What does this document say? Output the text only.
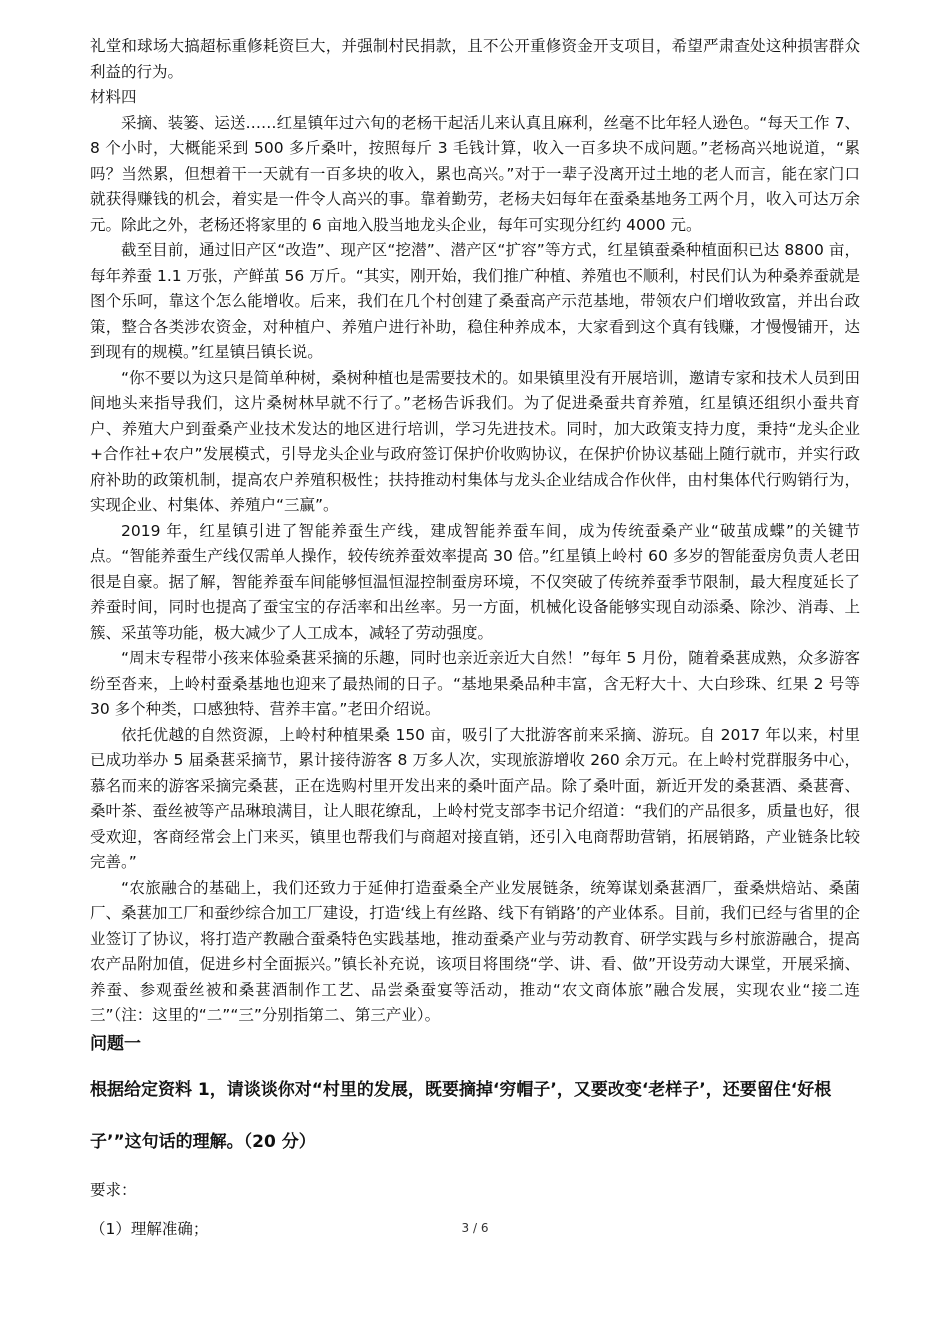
礼堂和球场大搞超标重修耗资巨大，并强制村民捐款，且不公开重修资金开支项目，希望严肃查处这种损害群众利益的行为。

材料四

采摘、装篓、运送……红星镇年过六旬的老杨干起活儿来认真且麻利，丝毫不比年轻人逊色。“每天工作 7、8 个小时，大概能采到 500 多斤桑叶，按照每斤 3 毛钱计算，收入一百多块不成问题。”老杨高兴地说道，“累吗？当然累，但想着干一天就有一百多块的收入，累也高兴。”对于一辈子没离开过土地的老人而言，能在家门口就获得赚钱的机会，着实是一件令人高兴的事。靠着勤劳，老杨夫妇每年在蚕桑基地务工两个月，收入可达万余元。除此之外，老杨还将家里的 6 亩地入股当地龙头企业，每年可实现分红约 4000 元。

截至目前，通过旧产区“改造”、现产区“挖潜”、潜产区“扩容”等方式，红星镇蚕桑种植面积已达 8800 亩，每年养蚕 1.1 万张，产鲜茧 56 万斤。“其实，刚开始，我们推广种植、养殖也不顺利，村民们认为种桑养蚕就是图个乐呵，靠这个怎么能增收。后来，我们在几个村创建了桑蚕高产示范基地，带领农户们增收致富，并出台政策，整合各类涉农资金，对种植户、养殖户进行补助，稳住种养成本，大家看到这个真有钱赚，才慢慢铺开，达到现有的规模。”红星镇吕镇长说。

“你不要以为这只是简单种树，桑树种植也是需要技术的。如果镇里没有开展培训，邀请专家和技术人员到田间地头来指导我们，这片桑树林早就不行了。”老杨告诉我们。为了促进桑蚕共育养殖，红星镇还组织小蚕共育户、养殖大户到蚕桑产业技术发达的地区进行培训，学习先进技术。同时，加大政策支持力度，秉持“龙头企业+合作社+农户”发展模式，引导龙头企业与政府签订保护价收购协议，在保护价协议基础上随行就市，并实行政府补助的政策机制，提高农户养殖积极性；扶持推动村集体与龙头企业结成合作伙伴，由村集体代行购销行为，实现企业、村集体、养殖户“三赢”。

2019 年，红星镇引进了智能养蚕生产线，建成智能养蚕车间，成为传统蚕桑产业“破茧成蝶”的关键节点。“智能养蚕生产线仅需单人操作，较传统养蚕效率提高 30 倍。”红星镇上岭村 60 多岁的智能蚕房负责人老田很是自豪。据了解，智能养蚕车间能够恒温恒湿控制蚕房环境，不仅突破了传统养蚕季节限制，最大程度延长了养蚕时间，同时也提高了蚕宝宝的存活率和出丝率。另一方面，机械化设备能够实现自动添桑、除沙、消毒、上簇、采茧等功能，极大减少了人工成本，减轻了劳动强度。

“周末专程带小孩来体验桑葚采摘的乐趣，同时也亲近亲近大自然！”每年 5 月份，随着桑葚成熟，众多游客纷至沓来，上岭村蚕桑基地也迎来了最热闹的日子。“基地果桑品种丰富，含无籽大十、大白珍珠、红果 2 号等 30 多个种类，口感独特、营养丰富。”老田介绍说。

依托优越的自然资源，上岭村种植果桑 150 亩，吸引了大批游客前来采摘、游玩。自 2017 年以来，村里已成功举办 5 届桑葚采摘节，累计接待游客 8 万多人次，实现旅游增收 260 余万元。在上岭村党群服务中心，慕名而来的游客采摘完桑葚，正在选购村里开发出来的桑叶面产品。除了桑叶面，新近开发的桑葚酒、桑葚膏、桑叶茶、蚕丝被等产品琳琅满目，让人眼花缭乱，上岭村党支部李书记介绍道：“我们的产品很多，质量也好，很受欢迎，客商经常会上门来买，镇里也帮我们与商超对接直销，还引入电商帮助营销，拓展销路，产业链条比较完善。”

“农旅融合的基础上，我们还致力于延伸打造蚕桑全产业发展链条，统筹谋划桑葚酒厂，蚕桑烘焙站、桑菌厂、桑葚加工厂和蚕纱综合加工厂建设，打造‘线上有丝路、线下有销路’的产业体系。目前，我们已经与省里的企业签订了协议，将打造产教融合蚕桑特色实践基地，推动蚕桑产业与劳动教育、研学实践与乡村旅游融合，提高农产品附加值，促进乡村全面振兴。”镇长补充说，该项目将围绕“学、讲、看、做”开设劳动大课堂，开展采摘、养蚕、参观蚕丝被和桑葚酒制作工艺、品尝桑蚕宴等活动，推动“农文商体旅”融合发展，实现农业“接二连三”（注：这里的“二”“三”分别指第二、第三产业）。

问题一

根据给定资料 1，请谈谈你对“村里的发展，既要摘掉‘穷帽子’，又要改变‘老样子’，还要留住‘好根子’”这句话的理解。（20 分）

要求：

（1）理解准确；	3 / 6
